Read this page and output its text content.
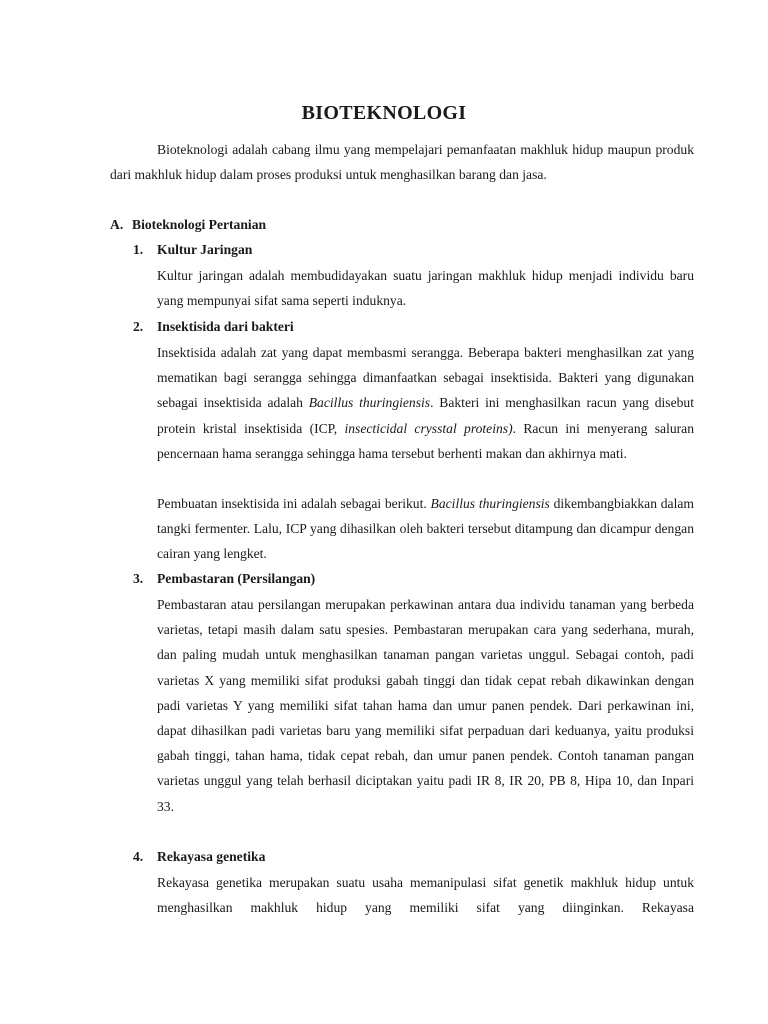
BIOTEKNOLOGI

Bioteknologi adalah cabang ilmu yang mempelajari pemanfaatan makhluk hidup maupun produk dari makhluk hidup dalam proses produksi untuk menghasilkan barang dan jasa.

A. Bioteknologi Pertanian
1. Kultur Jaringan

Kultur jaringan adalah membudidayakan suatu jaringan makhluk hidup menjadi individu baru yang mempunyai sifat sama seperti induknya.

2. Insektisida dari bakteri

Insektisida adalah zat yang dapat membasmi serangga. Beberapa bakteri menghasilkan zat yang mematikan bagi serangga sehingga dimanfaatkan sebagai insektisida. Bakteri yang digunakan sebagai insektisida adalah Bacillus thuringiensis. Bakteri ini menghasilkan racun yang disebut protein kristal insektisida (ICP, insecticidal crysstal proteins). Racun ini menyerang saluran pencernaan hama serangga sehingga hama tersebut berhenti makan dan akhirnya mati.

Pembuatan insektisida ini adalah sebagai berikut. Bacillus thuringiensis dikembangbiakkan dalam tangki fermenter. Lalu, ICP yang dihasilkan oleh bakteri tersebut ditampung dan dicampur dengan cairan yang lengket.

3. Pembastaran (Persilangan)

Pembastaran atau persilangan merupakan perkawinan antara dua individu tanaman yang berbeda varietas, tetapi masih dalam satu spesies. Pembastaran merupakan cara yang sederhana, murah, dan paling mudah untuk menghasilkan tanaman pangan varietas unggul. Sebagai contoh, padi varietas X yang memiliki sifat produksi gabah tinggi dan tidak cepat rebah dikawinkan dengan padi varietas Y yang memiliki sifat tahan hama dan umur panen pendek. Dari perkawinan ini, dapat dihasilkan padi varietas baru yang memiliki sifat perpaduan dari keduanya, yaitu produksi gabah tinggi, tahan hama, tidak cepat rebah, dan umur panen pendek. Contoh tanaman pangan varietas unggul yang telah berhasil diciptakan yaitu padi IR 8, IR 20, PB 8, Hipa 10, dan Inpari 33.

4. Rekayasa genetika

Rekayasa genetika merupakan suatu usaha memanipulasi sifat genetik makhluk hidup untuk menghasilkan makhluk hidup yang memiliki sifat yang diinginkan. Rekayasa
